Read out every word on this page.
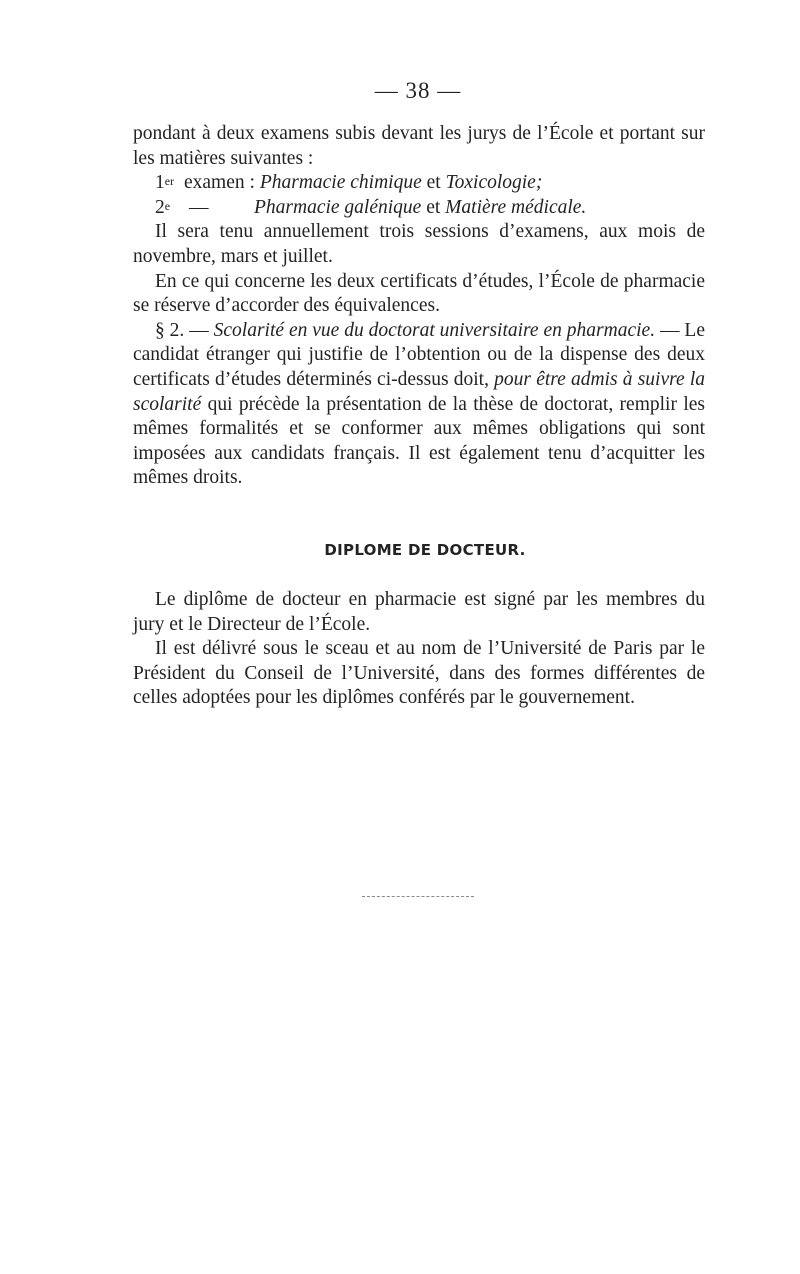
— 38 —

pondant à deux examens subis devant les jurys de l’École et portant sur les matières suivantes :

1er examen : Pharmacie chimique et Toxicologie;
2e — Pharmacie galénique et Matière médicale.

Il sera tenu annuellement trois sessions d’examens, aux mois de novembre, mars et juillet.

En ce qui concerne les deux certificats d’études, l’École de pharmacie se réserve d’accorder des équivalences.

§ 2. — Scolarité en vue du doctorat universitaire en pharmacie. — Le candidat étranger qui justifie de l’obtention ou de la dispense des deux certificats d’études déterminés ci-dessus doit, pour être admis à suivre la scolarité qui précède la présentation de la thèse de doctorat, remplir les mêmes formalités et se conformer aux mêmes obligations qui sont imposées aux candidats français. Il est également tenu d’acquitter les mêmes droits.

DIPLOME DE DOCTEUR.

Le diplôme de docteur en pharmacie est signé par les membres du jury et le Directeur de l’École.

Il est délivré sous le sceau et au nom de l’Université de Paris par le Président du Conseil de l’Université, dans des formes différentes de celles adoptées pour les diplômes conférés par le gouvernement.
